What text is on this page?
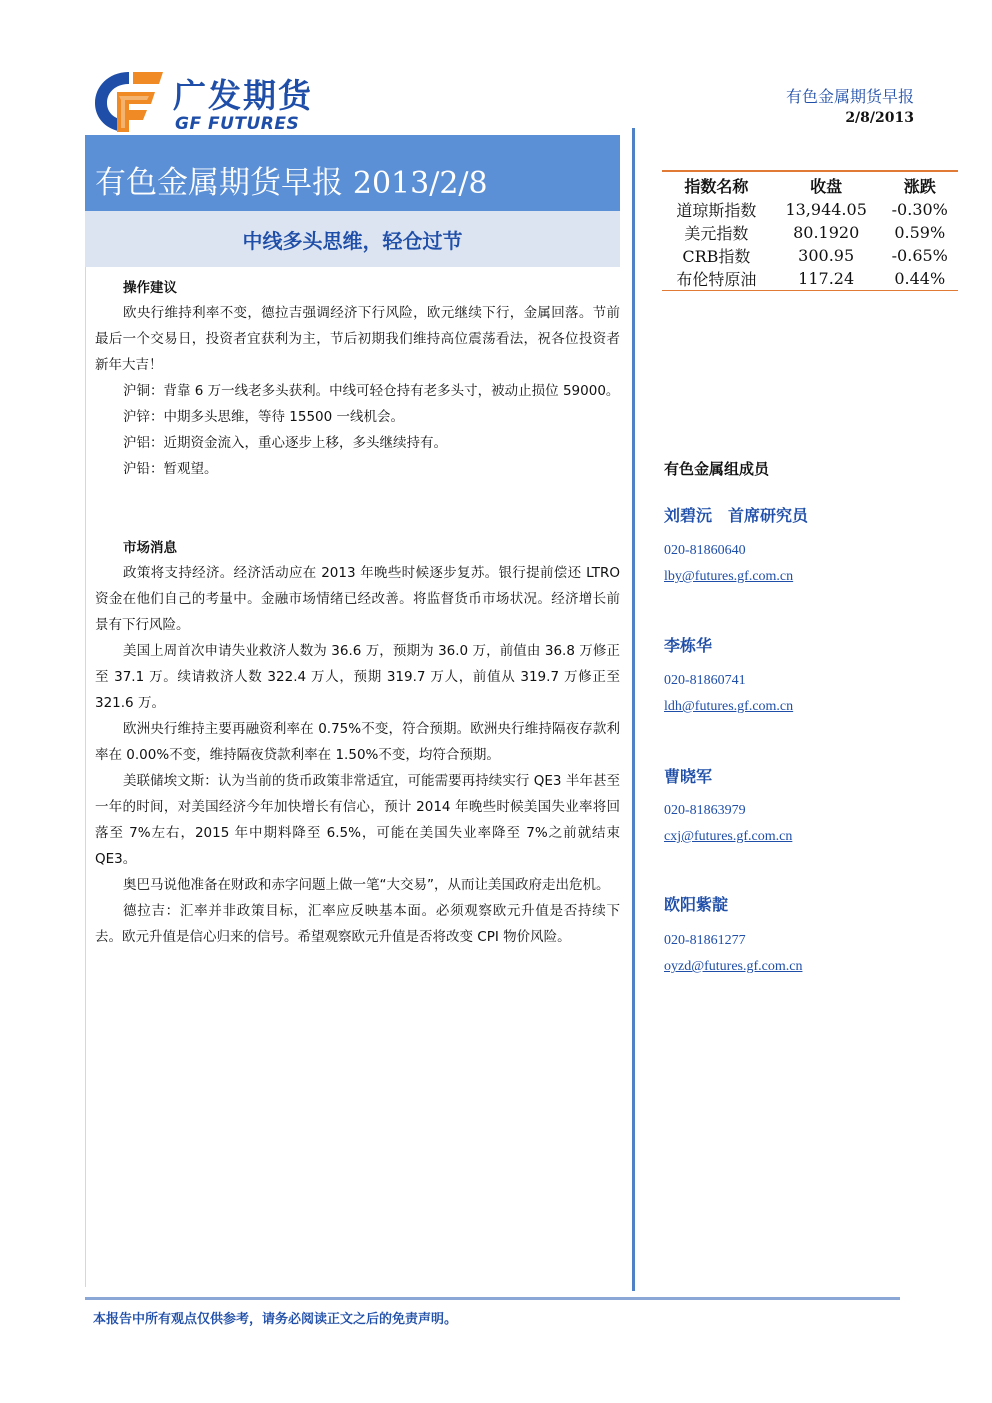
广发期货
GF FUTURES
有色金属期货早报
2/8/2013
有色金属期货早报 2013/2/8
中线多头思维，轻仓过节
操作建议

欧央行维持利率不变，德拉吉强调经济下行风险，欧元继续下行，金属回落。节前最后一个交易日，投资者宜获利为主，节后初期我们维持高位震荡看法，祝各位投资者新年大吉！

沪铜：背靠 6 万一线老多头获利。中线可轻仓持有老多头寸，被动止损位 59000。

沪锌：中期多头思维，等待 15500 一线机会。

沪铝：近期资金流入，重心逐步上移，多头继续持有。

沪铅：暂观望。

市场消息

政策将支持经济。经济活动应在 2013 年晚些时候逐步复苏。银行提前偿还 LTRO 资金在他们自己的考量中。金融市场情绪已经改善。将监督货币市场状况。经济增长前景有下行风险。

美国上周首次申请失业救济人数为 36.6 万，预期为 36.0 万，前值由 36.8 万修正至 37.1 万。续请救济人数 322.4 万人，预期 319.7 万人，前值从 319.7 万修正至 321.6 万。

欧洲央行维持主要再融资利率在 0.75%不变，符合预期。欧洲央行维持隔夜存款利率在 0.00%不变，维持隔夜贷款利率在 1.50%不变，均符合预期。

美联储埃文斯：认为当前的货币政策非常适宜，可能需要再持续实行 QE3 半年甚至一年的时间，对美国经济今年加快增长有信心，预计 2014 年晚些时候美国失业率将回落至 7%左右，2015 年中期料降至 6.5%，可能在美国失业率降至 7%之前就结束 QE3。

奥巴马说他准备在财政和赤字问题上做一笔“大交易”，从而让美国政府走出危机。

德拉吉：汇率并非政策目标，汇率应反映基本面。必须观察欧元升值是否持续下去。欧元升值是信心归来的信号。希望观察欧元升值是否将改变 CPI 物价风险。

指数名称	收盘	涨跌
道琼斯指数	13,944.05	-0.30%
美元指数	80.1920	0.59%
CRB指数	300.95	-0.65%
布伦特原油	117.24	0.44%

有色金属组成员
刘碧沅　首席研究员
020-81860640
lby@futures.gf.com.cn
李栋华
020-81860741
ldh@futures.gf.com.cn
曹晓军
020-81863979
cxj@futures.gf.com.cn
欧阳紫靛
020-81861277
oyzd@futures.gf.com.cn
本报告中所有观点仅供参考，请务必阅读正文之后的免责声明。
